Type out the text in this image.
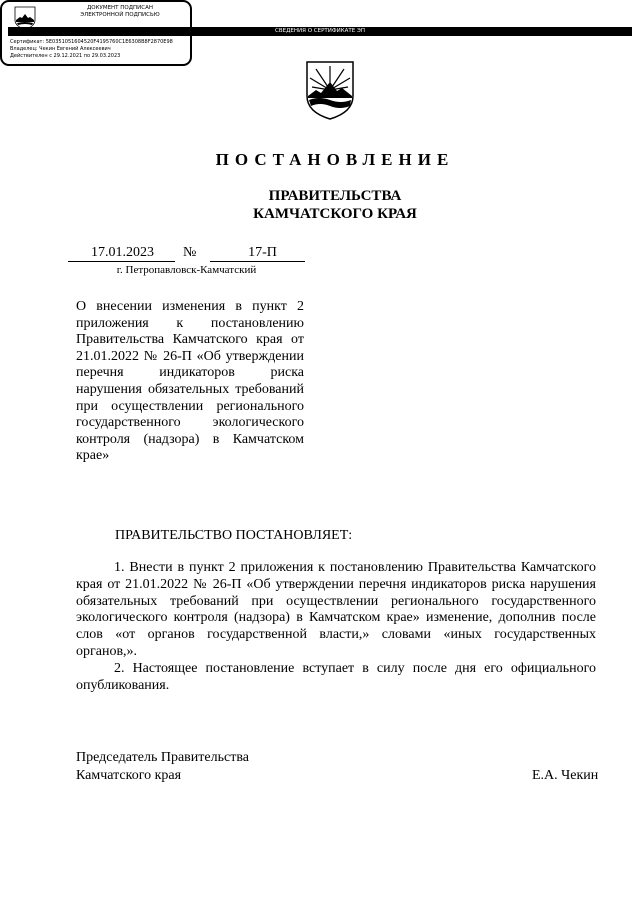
ПОСТАНОВЛЕНИЕ
ПРАВИТЕЛЬСТВА
КАМЧАТСКОГО КРАЯ
17.01.2023	№	17-П
г. Петропавловск-Камчатский
О внесении изменения в пункт 2 приложения к постановлению Правительства Камчатского края от 21.01.2022 № 26-П «Об утверждении перечня индикаторов риска нарушения обязательных требований при осуществлении регионального государственного экологического контроля (надзора) в Камчатском крае»
ПРАВИТЕЛЬСТВО ПОСТАНОВЛЯЕТ:

1. Внести в пункт 2 приложения к постановлению Правительства Камчатского края от 21.01.2022 № 26-П «Об утверждении перечня индикаторов риска нарушения обязательных требований при осуществлении регионального государственного экологического контроля (надзора) в Камчатском крае» изменение, дополнив после слов «от органов государственной власти,» словами «иных государственных органов,».

2. Настоящее постановление вступает в силу после дня его официального опубликования.

Председатель Правительства
Камчатского края	Е.А. Чекин
ДОКУМЕНТ ПОДПИСАН
ЭЛЕКТРОННОЙ ПОДПИСЬЮ
СВЕДЕНИЯ О СЕРТИФИКАТЕ ЭП
Сертификат: 5E0351051604520F4195760C1E6308B8F2870E98
Владелец: Чекин Евгений Алексеевич
Действителен с 29.12.2021 по 29.03.2023
